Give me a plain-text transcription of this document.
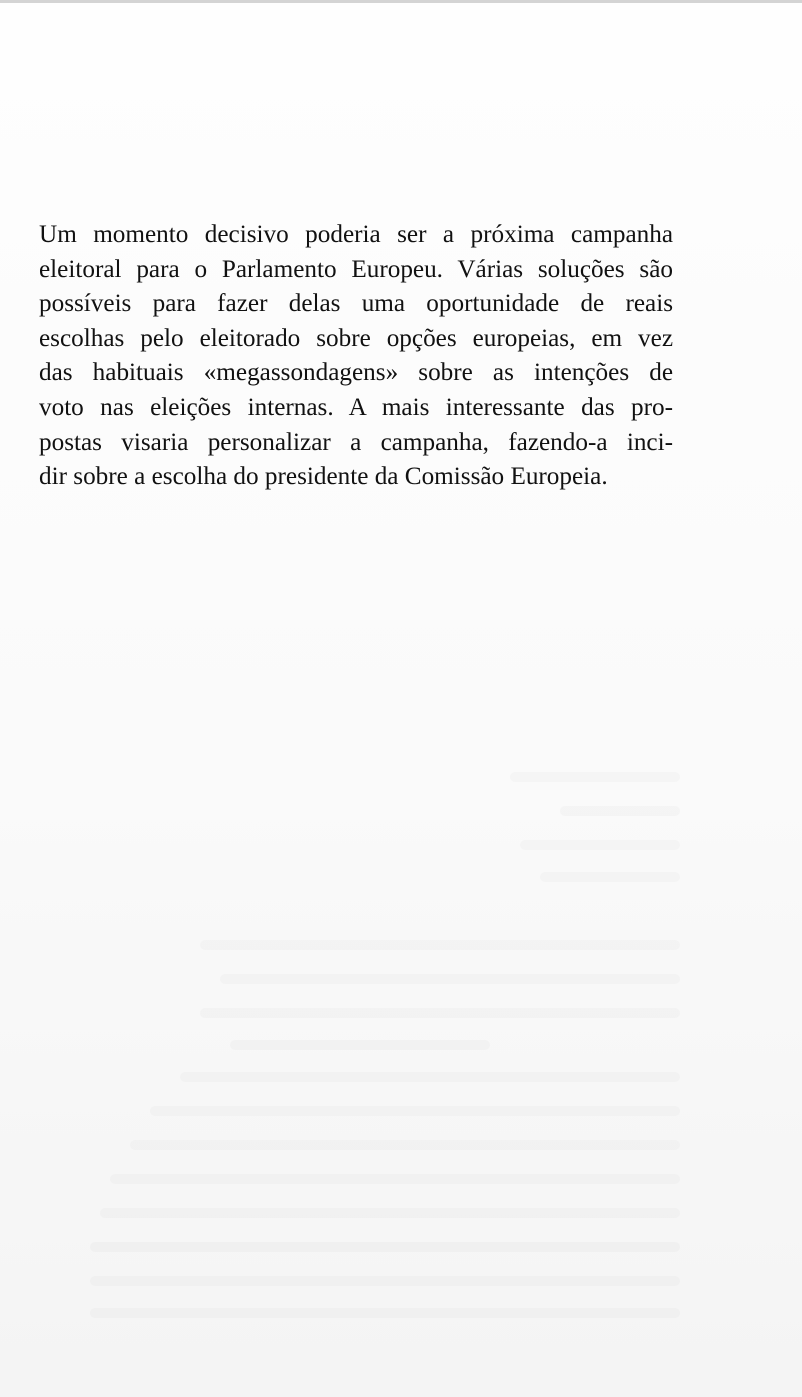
Um momento decisivo poderia ser a próxima campanha
eleitoral para o Parlamento Europeu. Várias soluções são
possíveis para fazer delas uma oportunidade de reais
escolhas pelo eleitorado sobre opções europeias, em vez
das habituais «megassondagens» sobre as intenções de
voto nas eleições internas. A mais interessante das pro-
postas visaria personalizar a campanha, fazendo-a inci-
dir sobre a escolha do presidente da Comissão Europeia.
